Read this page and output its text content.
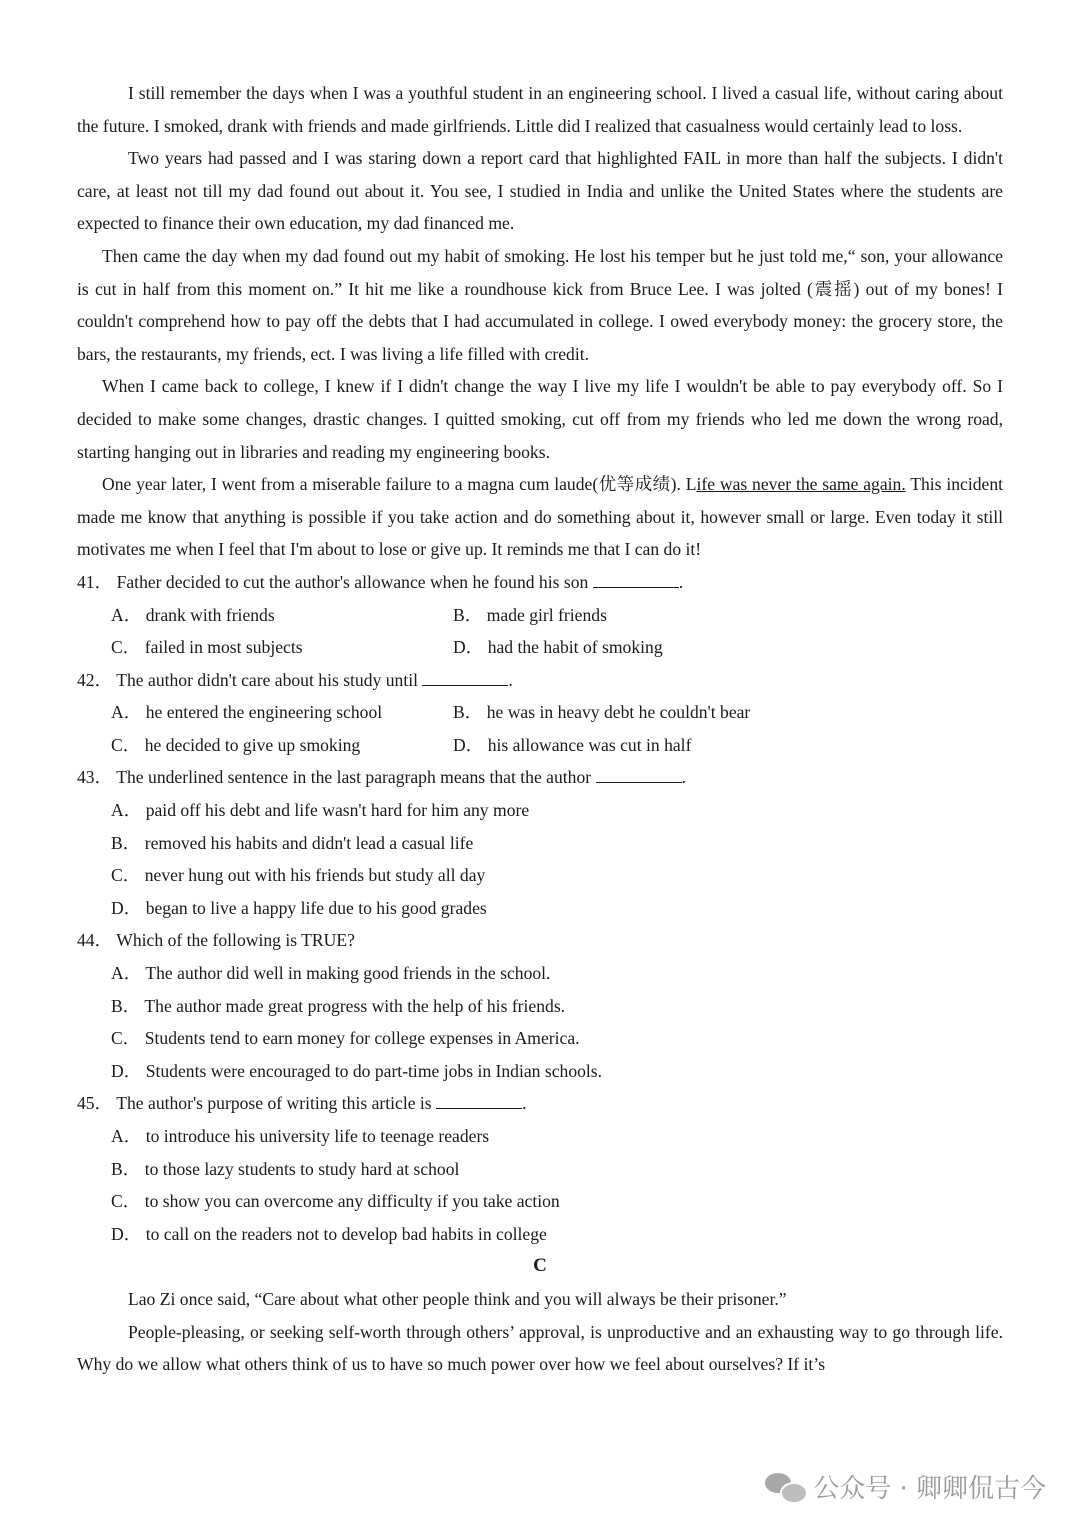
I still remember the days when I was a youthful student in an engineering school. I lived a casual life, without caring about the future. I smoked, drank with friends and made girlfriends. Little did I realized that casualness would certainly lead to loss.

Two years had passed and I was staring down a report card that highlighted FAIL in more than half the subjects. I didn't care, at least not till my dad found out about it. You see, I studied in India and unlike the United States where the students are expected to finance their own education, my dad financed me.

Then came the day when my dad found out my habit of smoking. He lost his temper but he just told me,“ son, your allowance is cut in half from this moment on.” It hit me like a roundhouse kick from Bruce Lee. I was jolted (震摇) out of my bones! I couldn't comprehend how to pay off the debts that I had accumulated in college. I owed everybody money: the grocery store, the bars, the restaurants, my friends, ect. I was living a life filled with credit.

When I came back to college, I knew if I didn't change the way I live my life I wouldn't be able to pay everybody off. So I decided to make some changes, drastic changes. I quitted smoking, cut off from my friends who led me down the wrong road, starting hanging out in libraries and reading my engineering books.

One year later, I went from a miserable failure to a magna cum laude(优等成绩). Life was never the same again. This incident made me know that anything is possible if you take action and do something about it, however small or large. Even today it still motivates me when I feel that I'm about to lose or give up. It reminds me that I can do it!

41． Father decided to cut the author's allowance when he found his son	.

A． drank with friends	B． made girl friends
C． failed in most subjects	D． had the habit of smoking

42． The author didn't care about his study until	.

A． he entered the engineering school	B． he was in heavy debt he couldn't bear
C． he decided to give up smoking	D． his allowance was cut in half

43． The underlined sentence in the last paragraph means that the author	.

A． paid off his debt and life wasn't hard for him any more
B． removed his habits and didn't lead a casual life
C． never hung out with his friends but study all day
D． began to live a happy life due to his good grades

44． Which of the following is TRUE?

A． The author did well in making good friends in the school.
B． The author made great progress with the help of his friends.
C． Students tend to earn money for college expenses in America.
D． Students were encouraged to do part-time jobs in Indian schools.

45． The author's purpose of writing this article is	.

A． to introduce his university life to teenage readers
B． to those lazy students to study hard at school
C． to show you can overcome any difficulty if you take action
D． to call on the readers not to develop bad habits in college

C

Lao Zi once said, “Care about what other people think and you will always be their prisoner.”

People-pleasing, or seeking self-worth through others’ approval, is unproductive and an exhausting way to go through life. Why do we allow what others think of us to have so much power over how we feel about ourselves? If it’s

公众号 · 卿卿侃古今
